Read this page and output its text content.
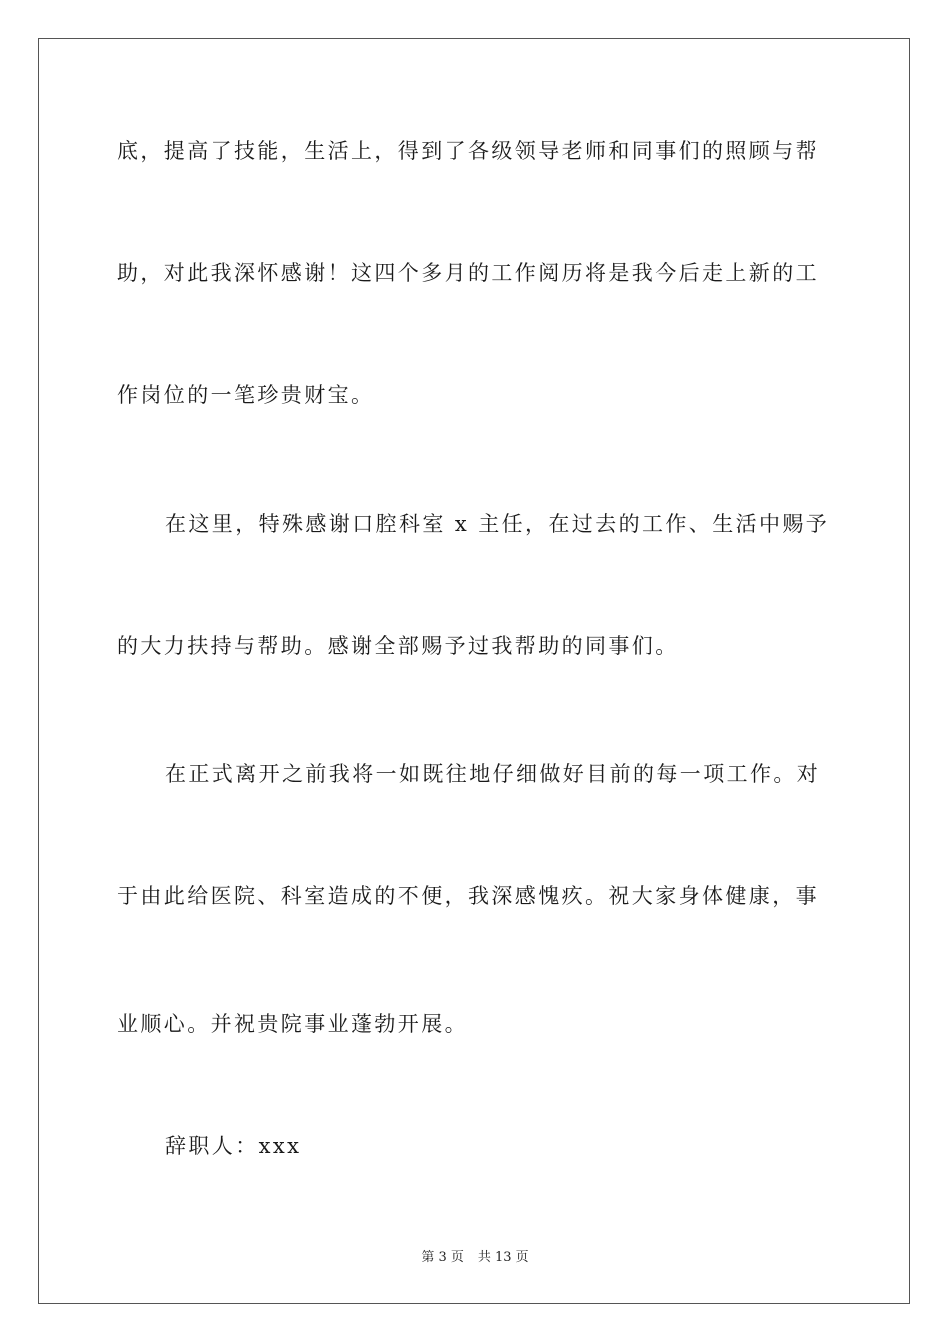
底，提高了技能，生活上，得到了各级领导老师和同事们的照顾与帮
助，对此我深怀感谢！这四个多月的工作阅历将是我今后走上新的工
作岗位的一笔珍贵财宝。
在这里，特殊感谢口腔科室 x 主任，在过去的工作、生活中赐予
的大力扶持与帮助。感谢全部赐予过我帮助的同事们。
在正式离开之前我将一如既往地仔细做好目前的每一项工作。对
于由此给医院、科室造成的不便，我深感愧疚。祝大家身体健康，事
业顺心。并祝贵院事业蓬勃开展。
辞职人：xxx
第 3 页 共 13 页
